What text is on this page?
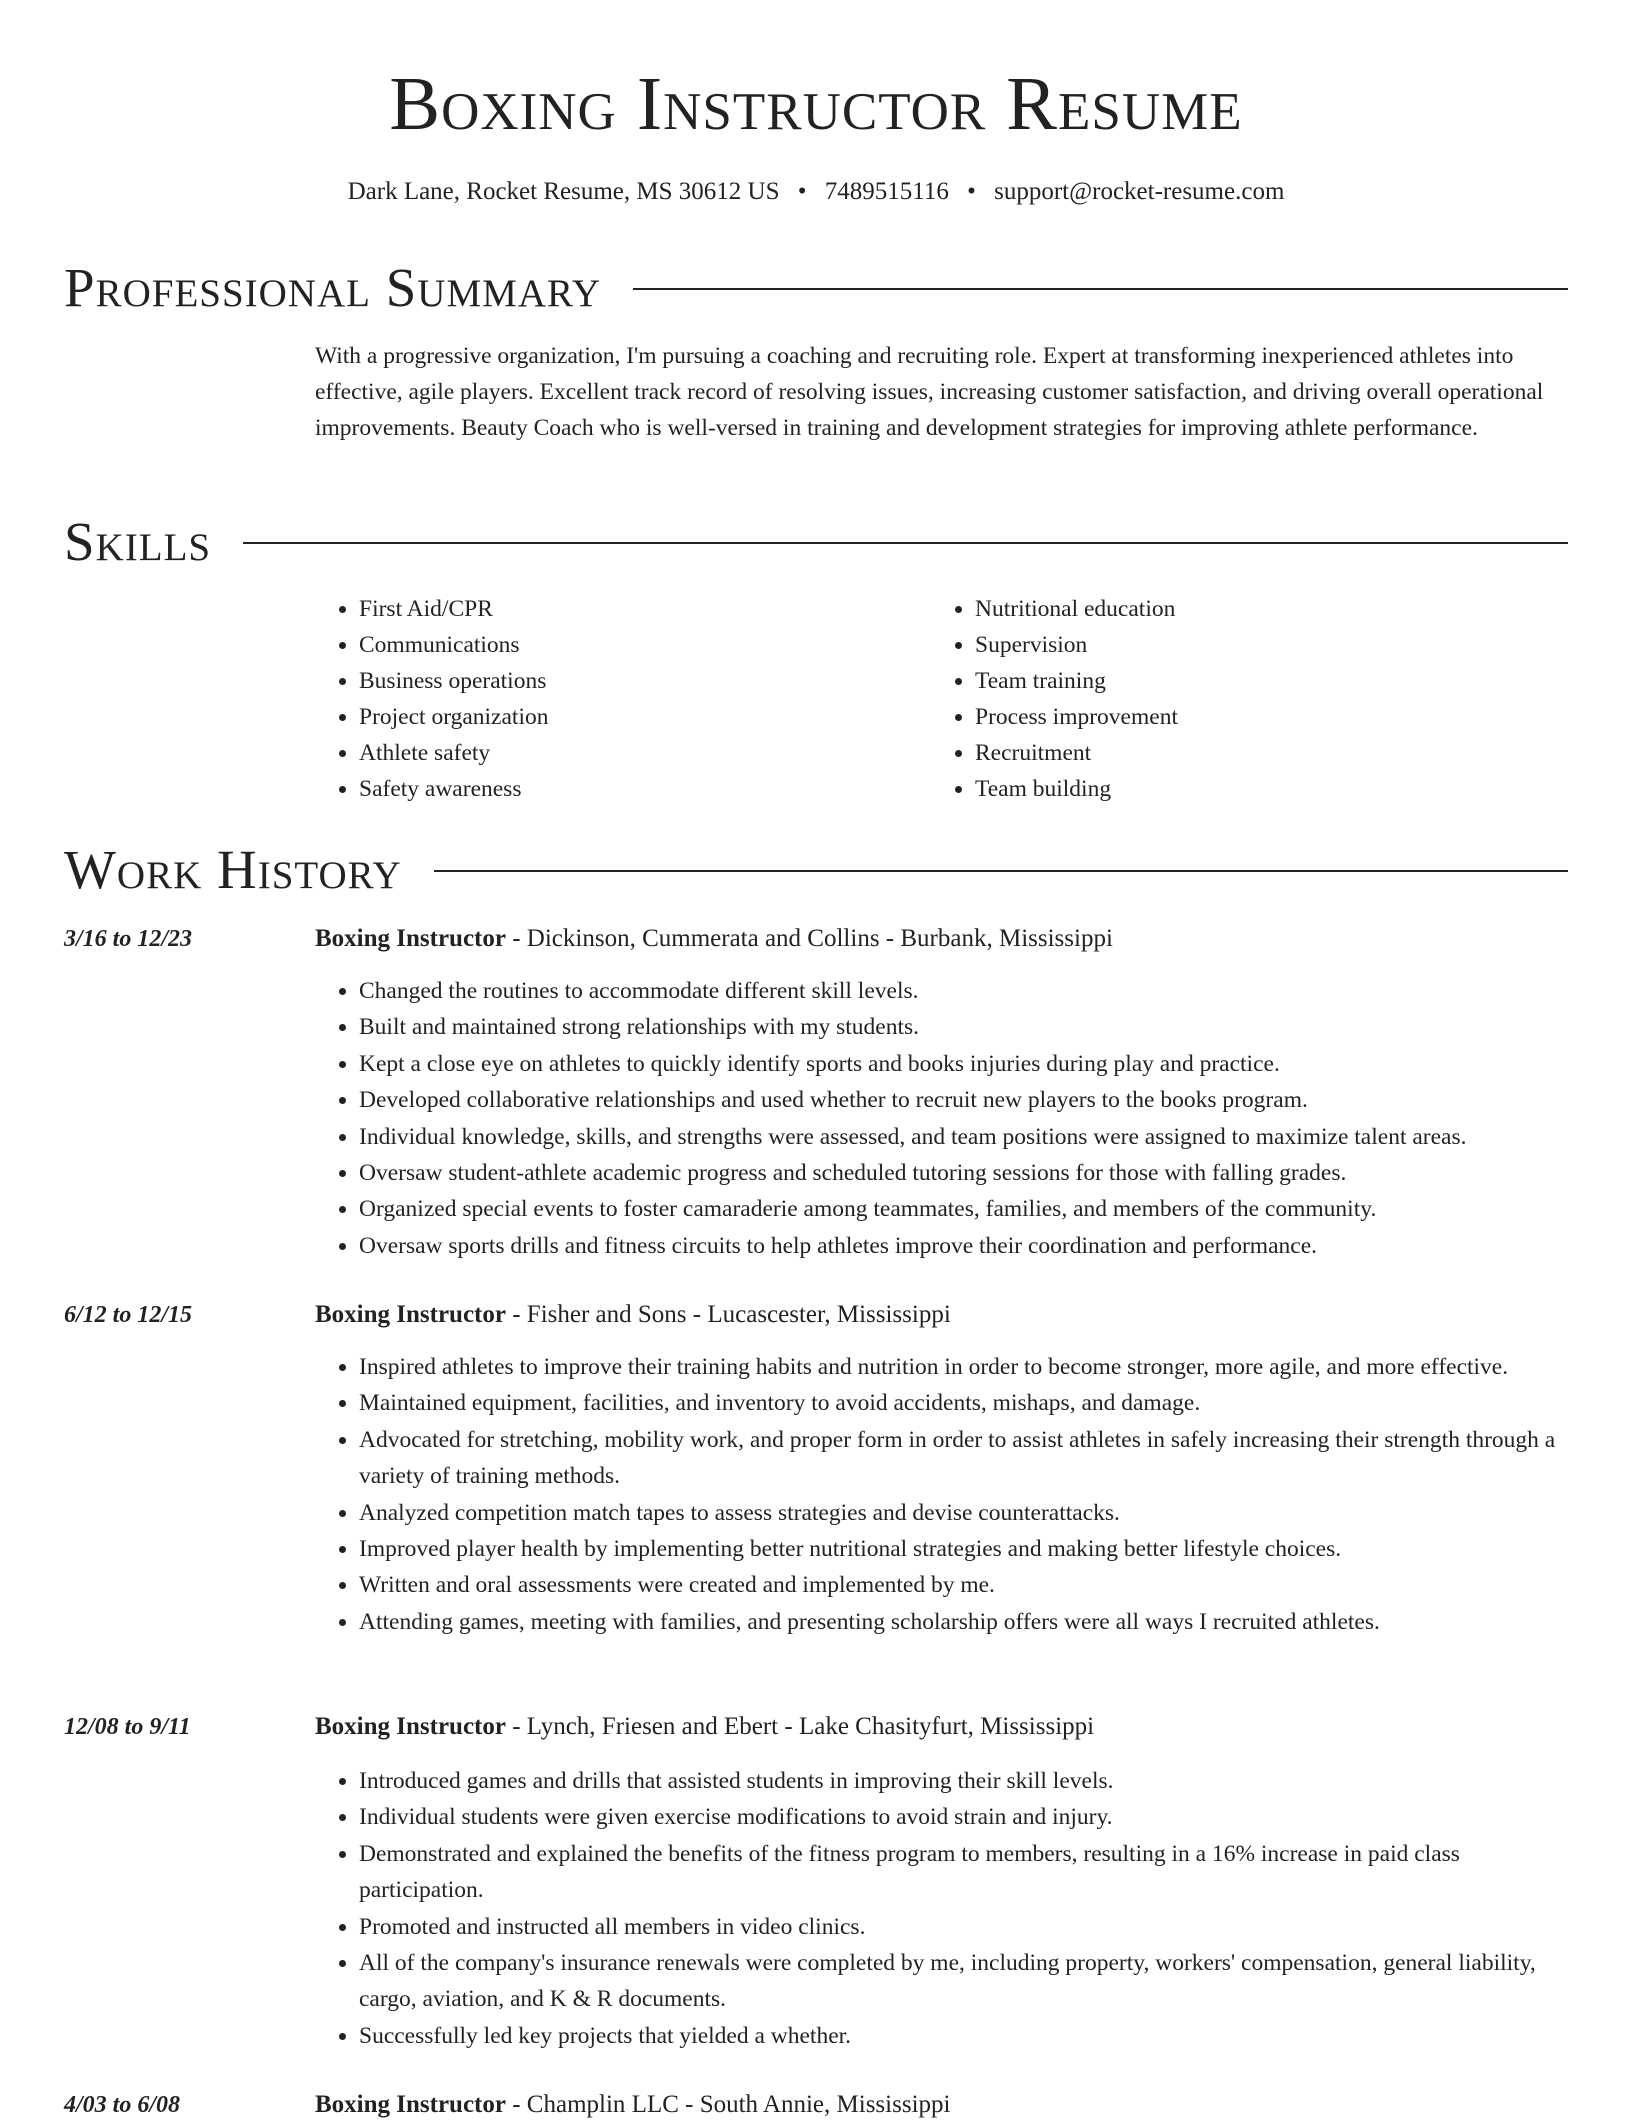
Boxing Instructor Resume
Dark Lane, Rocket Resume, MS 30612 US • 7489515116 • support@rocket-resume.com
Professional Summary
With a progressive organization, I'm pursuing a coaching and recruiting role. Expert at transforming inexperienced athletes into effective, agile players. Excellent track record of resolving issues, increasing customer satisfaction, and driving overall operational improvements. Beauty Coach who is well-versed in training and development strategies for improving athlete performance.
Skills
• First Aid/CPR
• Communications
• Business operations
• Project organization
• Athlete safety
• Safety awareness
• Nutritional education
• Supervision
• Team training
• Process improvement
• Recruitment
• Team building
Work History
3/16 to 12/23	Boxing Instructor - Dickinson, Cummerata and Collins - Burbank, Mississippi
• Changed the routines to accommodate different skill levels.
• Built and maintained strong relationships with my students.
• Kept a close eye on athletes to quickly identify sports and books injuries during play and practice.
• Developed collaborative relationships and used whether to recruit new players to the books program.
• Individual knowledge, skills, and strengths were assessed, and team positions were assigned to maximize talent areas.
• Oversaw student-athlete academic progress and scheduled tutoring sessions for those with falling grades.
• Organized special events to foster camaraderie among teammates, families, and members of the community.
• Oversaw sports drills and fitness circuits to help athletes improve their coordination and performance.
6/12 to 12/15	Boxing Instructor - Fisher and Sons - Lucascester, Mississippi
• Inspired athletes to improve their training habits and nutrition in order to become stronger, more agile, and more effective.
• Maintained equipment, facilities, and inventory to avoid accidents, mishaps, and damage.
• Advocated for stretching, mobility work, and proper form in order to assist athletes in safely increasing their strength through a variety of training methods.
• Analyzed competition match tapes to assess strategies and devise counterattacks.
• Improved player health by implementing better nutritional strategies and making better lifestyle choices.
• Written and oral assessments were created and implemented by me.
• Attending games, meeting with families, and presenting scholarship offers were all ways I recruited athletes.
12/08 to 9/11	Boxing Instructor - Lynch, Friesen and Ebert - Lake Chasityfurt, Mississippi
• Introduced games and drills that assisted students in improving their skill levels.
• Individual students were given exercise modifications to avoid strain and injury.
• Demonstrated and explained the benefits of the fitness program to members, resulting in a 16% increase in paid class participation.
• Promoted and instructed all members in video clinics.
• All of the company's insurance renewals were completed by me, including property, workers' compensation, general liability, cargo, aviation, and K & R documents.
• Successfully led key projects that yielded a whether.
4/03 to 6/08	Boxing Instructor - Champlin LLC - South Annie, Mississippi
